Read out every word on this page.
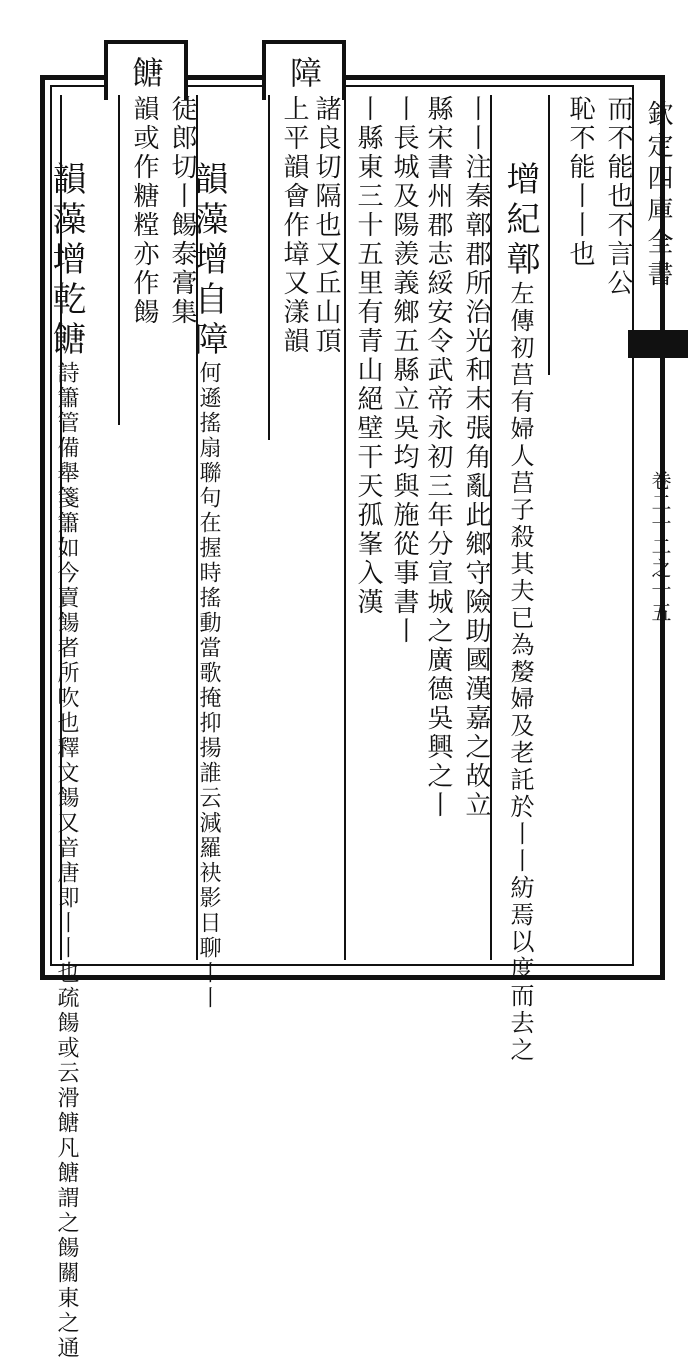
障
餹
欽定四庫全書
卷二十二之十五
而不能也不言公
恥不能丨丨也

增紀鄣左傳初莒有婦人莒子殺其夫已為嫠婦及老託於丨丨紡焉以度而去之

丨丨注秦鄣郡所治光和末張角亂此鄉守險助國漢嘉之故立
縣宋書州郡志綏安令武帝永初三年分宣城之廣德吳興之丨
丨長城及陽羨義鄉五縣立吳均與施從事書丨
丨縣東三十五里有青山絕壁干天孤峯入漢
諸良切隔也又丘山頂
上平韻會作墇又漾韻

韻藻增自障何遜搖扇聯句在握時搖動當歌掩抑揚誰云減羅袂影日聊丨丨

徒郎切丨餳泰膏集
韻或作糖糛亦作餳

韻藻增乾餹詩簫管備舉箋簫如今賣餳者所吹也釋文餳又音唐即丨丨也疏餳或云滑餹凡餹謂之餳關東之通
